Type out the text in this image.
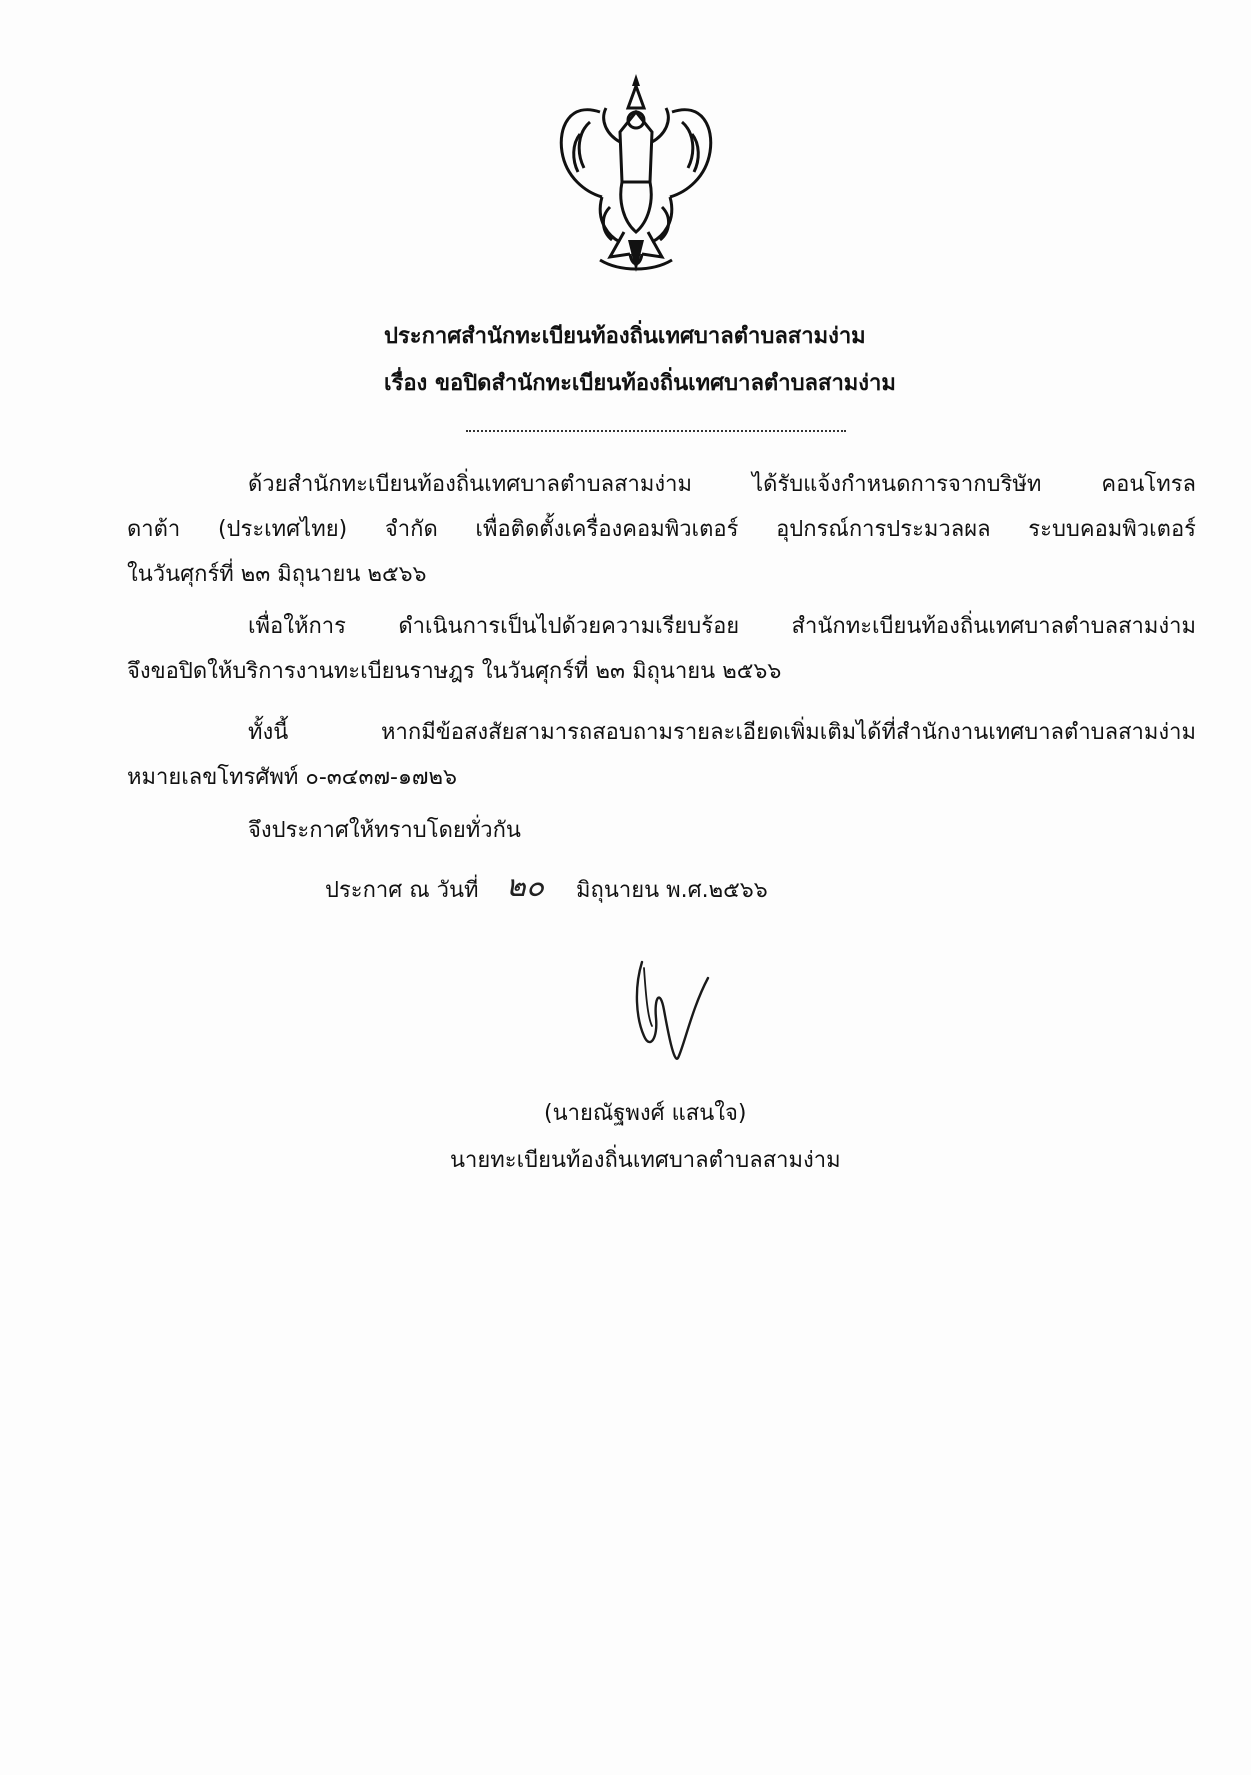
ประกาศสำนักทะเบียนท้องถิ่นเทศบาลตำบลสามง่าม
เรื่อง ขอปิดสำนักทะเบียนท้องถิ่นเทศบาลตำบลสามง่าม
ด้วยสำนักทะเบียนท้องถิ่นเทศบาลตำบลสามง่าม ได้รับแจ้งกำหนดการจากบริษัท คอนโทรล
ดาต้า (ประเทศไทย) จำกัด เพื่อติดตั้งเครื่องคอมพิวเตอร์ อุปกรณ์การประมวลผล ระบบคอมพิวเตอร์
ในวันศุกร์ที่ ๒๓ มิถุนายน ๒๕๖๖
เพื่อให้การ ดำเนินการเป็นไปด้วยความเรียบร้อย สำนักทะเบียนท้องถิ่นเทศบาลตำบลสามง่าม
จึงขอปิดให้บริการงานทะเบียนราษฎร ในวันศุกร์ที่ ๒๓ มิถุนายน ๒๕๖๖
ทั้งนี้ หากมีข้อสงสัยสามารถสอบถามรายละเอียดเพิ่มเติมได้ที่สำนักงานเทศบาลตำบลสามง่าม
หมายเลขโทรศัพท์ ๐-๓๔๓๗-๑๗๒๖
จึงประกาศให้ทราบโดยทั่วกัน
ประกาศ ณ วันที่ ๒๐ มิถุนายน พ.ศ.๒๕๖๖
(นายณัฐพงศ์ แสนใจ)
นายทะเบียนท้องถิ่นเทศบาลตำบลสามง่าม
